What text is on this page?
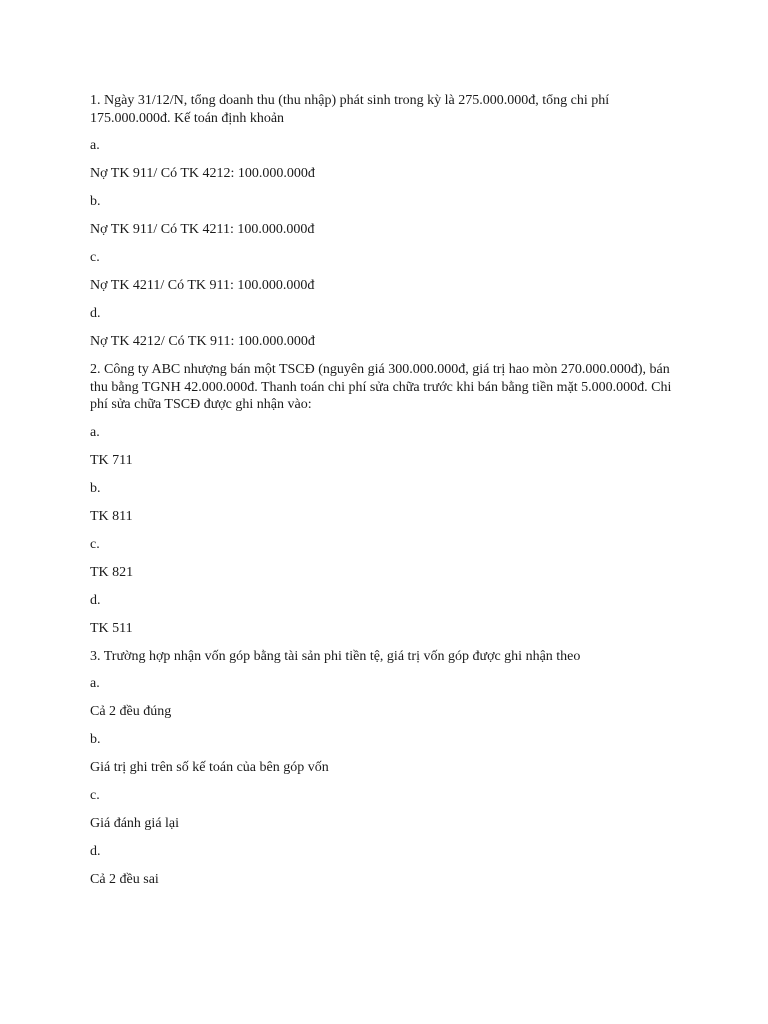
1. Ngày 31/12/N, tổng doanh thu (thu nhập) phát sinh trong kỳ là 275.000.000đ, tổng chi phí 175.000.000đ. Kế toán định khoản

a.

Nợ TK 911/ Có TK 4212: 100.000.000đ

b.

Nợ TK 911/ Có TK 4211: 100.000.000đ

c.

Nợ TK 4211/ Có TK 911: 100.000.000đ

d.

Nợ TK 4212/ Có TK 911: 100.000.000đ

2. Công ty ABC nhượng bán một TSCĐ (nguyên giá 300.000.000đ, giá trị hao mòn 270.000.000đ), bán thu bằng TGNH 42.000.000đ. Thanh toán chi phí sửa chữa trước khi bán bằng tiền mặt 5.000.000đ. Chi phí sửa chữa TSCĐ được ghi nhận vào:

a.

TK 711

b.

TK 811

c.

TK 821

d.

TK 511

3. Trường hợp nhận vốn góp bằng tài sản phi tiền tệ, giá trị vốn góp được ghi nhận theo

a.

Cả 2 đều đúng

b.

Giá trị ghi trên số kế toán của bên góp vốn

c.

Giá đánh giá lại

d.

Cả 2 đều sai
